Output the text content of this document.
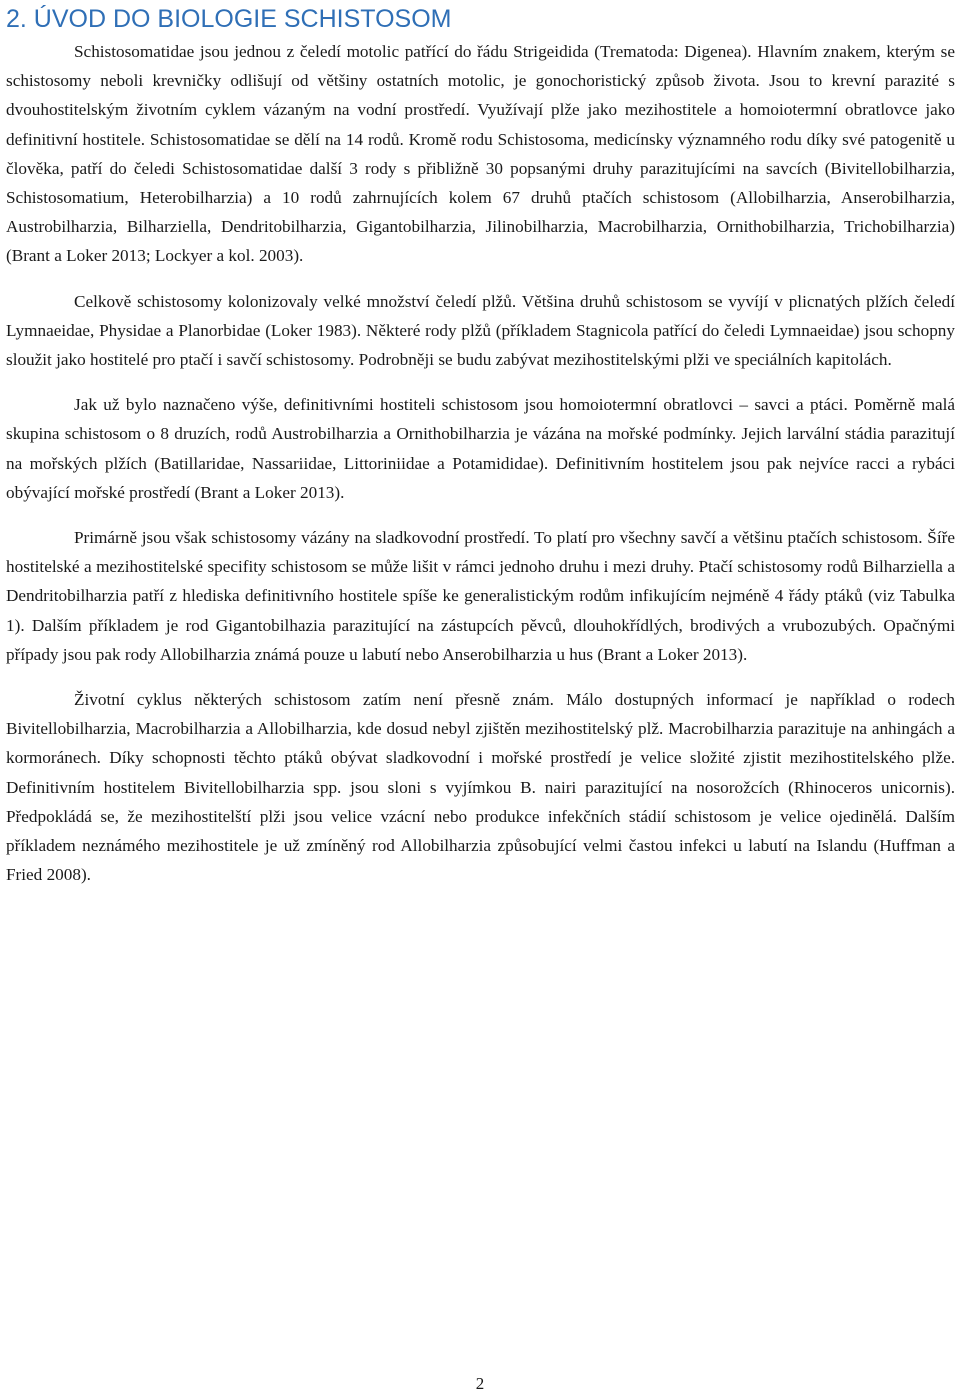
2. ÚVOD DO BIOLOGIE SCHISTOSOM

Schistosomatidae jsou jednou z čeledí motolic patřící do řádu Strigeidida (Trematoda: Digenea). Hlavním znakem, kterým se schistosomy neboli krevničky odlišují od většiny ostatních motolic, je gonochoristický způsob života. Jsou to krevní parazité s dvouhostitelským životním cyklem vázaným na vodní prostředí. Využívají plže jako mezihostitele a homoiotermní obratlovce jako definitivní hostitele. Schistosomatidae se dělí na 14 rodů. Kromě rodu Schistosoma, medicínsky významného rodu díky své patogenitě u člověka, patří do čeledi Schistosomatidae další 3 rody s přibližně 30 popsanými druhy parazitujícími na savcích (Bivitellobilharzia, Schistosomatium, Heterobilharzia) a 10 rodů zahrnujících kolem 67 druhů ptačích schistosom (Allobilharzia, Anserobilharzia, Austrobilharzia, Bilharziella, Dendritobilharzia, Gigantobilharzia, Jilinobilharzia, Macrobilharzia, Ornithobilharzia, Trichobilharzia) (Brant a Loker 2013; Lockyer a kol. 2003).

Celkově schistosomy kolonizovaly velké množství čeledí plžů. Většina druhů schistosom se vyvíjí v plicnatých plžích čeledí Lymnaeidae, Physidae a Planorbidae (Loker 1983). Některé rody plžů (příkladem Stagnicola patřící do čeledi Lymnaeidae) jsou schopny sloužit jako hostitelé pro ptačí i savčí schistosomy. Podrobněji se budu zabývat mezihostitelskými plži ve speciálních kapitolách.

Jak už bylo naznačeno výše, definitivními hostiteli schistosom jsou homoiotermní obratlovci – savci a ptáci. Poměrně malá skupina schistosom o 8 druzích, rodů Austrobilharzia a Ornithobilharzia je vázána na mořské podmínky. Jejich larvální stádia parazitují na mořských plžích (Batillaridae, Nassariidae, Littoriniidae a Potamididae). Definitivním hostitelem jsou pak nejvíce racci a rybáci obývající mořské prostředí (Brant a Loker 2013).

Primárně jsou však schistosomy vázány na sladkovodní prostředí. To platí pro všechny savčí a většinu ptačích schistosom. Šíře hostitelské a mezihostitelské specifity schistosom se může lišit v rámci jednoho druhu i mezi druhy. Ptačí schistosomy rodů Bilharziella a Dendritobilharzia patří z hlediska definitivního hostitele spíše ke generalistickým rodům infikujícím nejméně 4 řády ptáků (viz Tabulka 1). Dalším příkladem je rod Gigantobilhazia parazitující na zástupcích pěvců, dlouhokřídlých, brodivých a vrubozubých. Opačnými případy jsou pak rody Allobilharzia známá pouze u labutí nebo Anserobilharzia u hus (Brant a Loker 2013).

Životní cyklus některých schistosom zatím není přesně znám. Málo dostupných informací je například o rodech Bivitellobilharzia, Macrobilharzia a Allobilharzia, kde dosud nebyl zjištěn mezihostitelský plž. Macrobilharzia parazituje na anhingách a kormoránech. Díky schopnosti těchto ptáků obývat sladkovodní i mořské prostředí je velice složité zjistit mezihostitelského plže. Definitivním hostitelem Bivitellobilharzia spp. jsou sloni s vyjímkou B. nairi parazitující na nosorožcích (Rhinoceros unicornis). Předpokládá se, že mezihostitelští plži jsou velice vzácní nebo produkce infekčních stádií schistosom je velice ojedinělá. Dalším příkladem neznámého mezihostitele je už zmíněný rod Allobilharzia způsobující velmi častou infekci u labutí na Islandu (Huffman a Fried 2008).

2
